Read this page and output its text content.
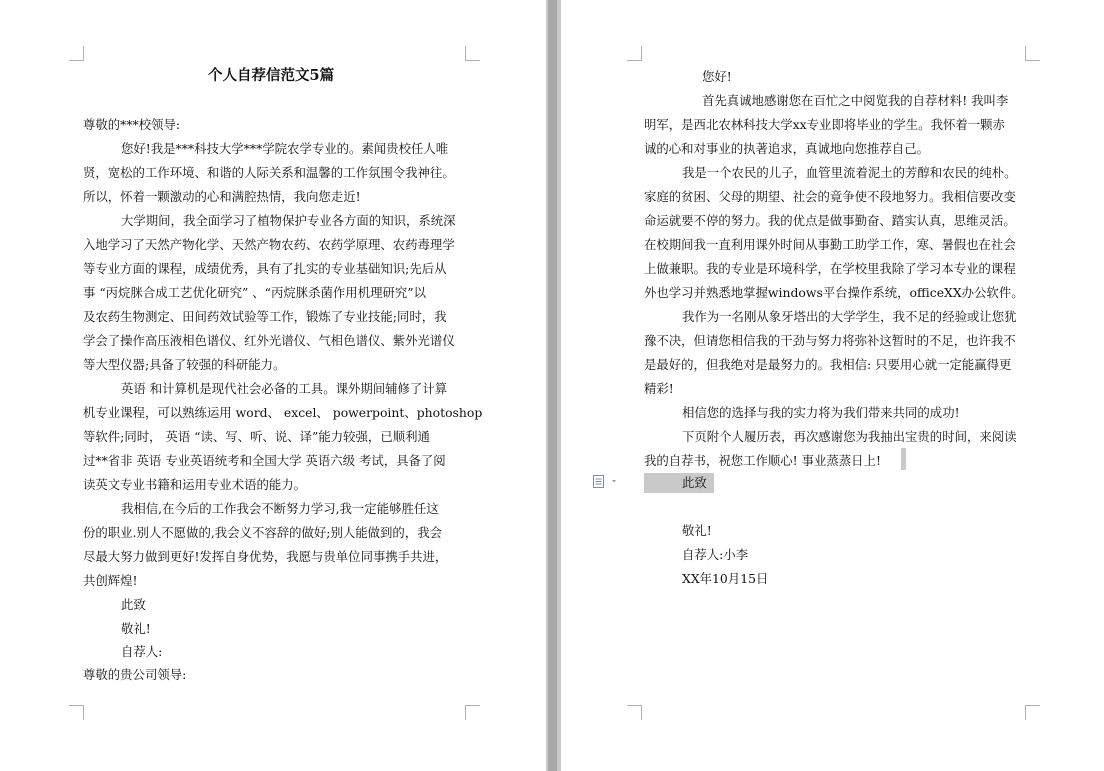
个人自荐信范文5篇
尊敬的***校领导:
您好!我是***科技大学***学院农学专业的。素闻贵校任人唯
贤，宽松的工作环境、和谐的人际关系和温馨的工作氛围令我神往。
所以，怀着一颗激动的心和满腔热情，我向您走近!
大学期间，我全面学习了植物保护专业各方面的知识，系统深
入地学习了天然产物化学、天然产物农药、农药学原理、农药毒理学
等专业方面的课程，成绩优秀，具有了扎实的专业基础知识;先后从
事 “丙烷脒合成工艺优化研究” 、“丙烷脒杀菌作用机理研究”以
及农药生物测定、田间药效试验等工作，锻炼了专业技能;同时，我
学会了操作高压液相色谱仪、红外光谱仪、气相色谱仪、紫外光谱仪
等大型仪器;具备了较强的科研能力。
英语 和计算机是现代社会必备的工具。课外期间辅修了计算
机专业课程，可以熟练运用 word、 excel、 powerpoint、photoshop
等软件;同时， 英语 “读、写、听、说、译”能力较强，已顺利通
过**省非 英语 专业英语统考和全国大学 英语六级 考试，具备了阅
读英文专业书籍和运用专业术语的能力。
我相信,在今后的工作我会不断努力学习,我一定能够胜任这
份的职业.别人不愿做的,我会义不容辞的做好;别人能做到的，我会
尽最大努力做到更好!发挥自身优势，我愿与贵单位同事携手共进，
共创辉煌!
此致
敬礼!
自荐人:
尊敬的贵公司领导:
您好!
首先真诚地感谢您在百忙之中阅览我的自荐材料! 我叫李
明军，是西北农林科技大学xx专业即将毕业的学生。我怀着一颗赤
诚的心和对事业的执著追求，真诚地向您推荐自己。
我是一个农民的儿子，血管里流着泥土的芳醇和农民的纯朴。
家庭的贫困、父母的期望、社会的竟争使不段地努力。我相信要改变
命运就要不停的努力。我的优点是做事勤奋、踏实认真，思维灵活。
在校期间我一直利用课外时间从事勤工助学工作，寒、暑假也在社会
上做兼职。我的专业是环境科学，在学校里我除了学习本专业的课程
外也学习并熟悉地掌握windows平台操作系统，officeXX办公软件。
我作为一名刚从象牙塔出的大学学生，我不足的经验或让您犹
豫不决，但请您相信我的干劲与努力将弥补这暂时的不足，也许我不
是最好的，但我绝对是最努力的。我相信: 只要用心就一定能赢得更
精彩!
相信您的选择与我的实力将为我们带来共同的成功!
下页附个人履历表，再次感谢您为我抽出宝贵的时间，来阅读
我的自荐书，祝您工作顺心! 事业蒸蒸日上!
此致
敬礼!
自荐人:小李
XX年10月15日
